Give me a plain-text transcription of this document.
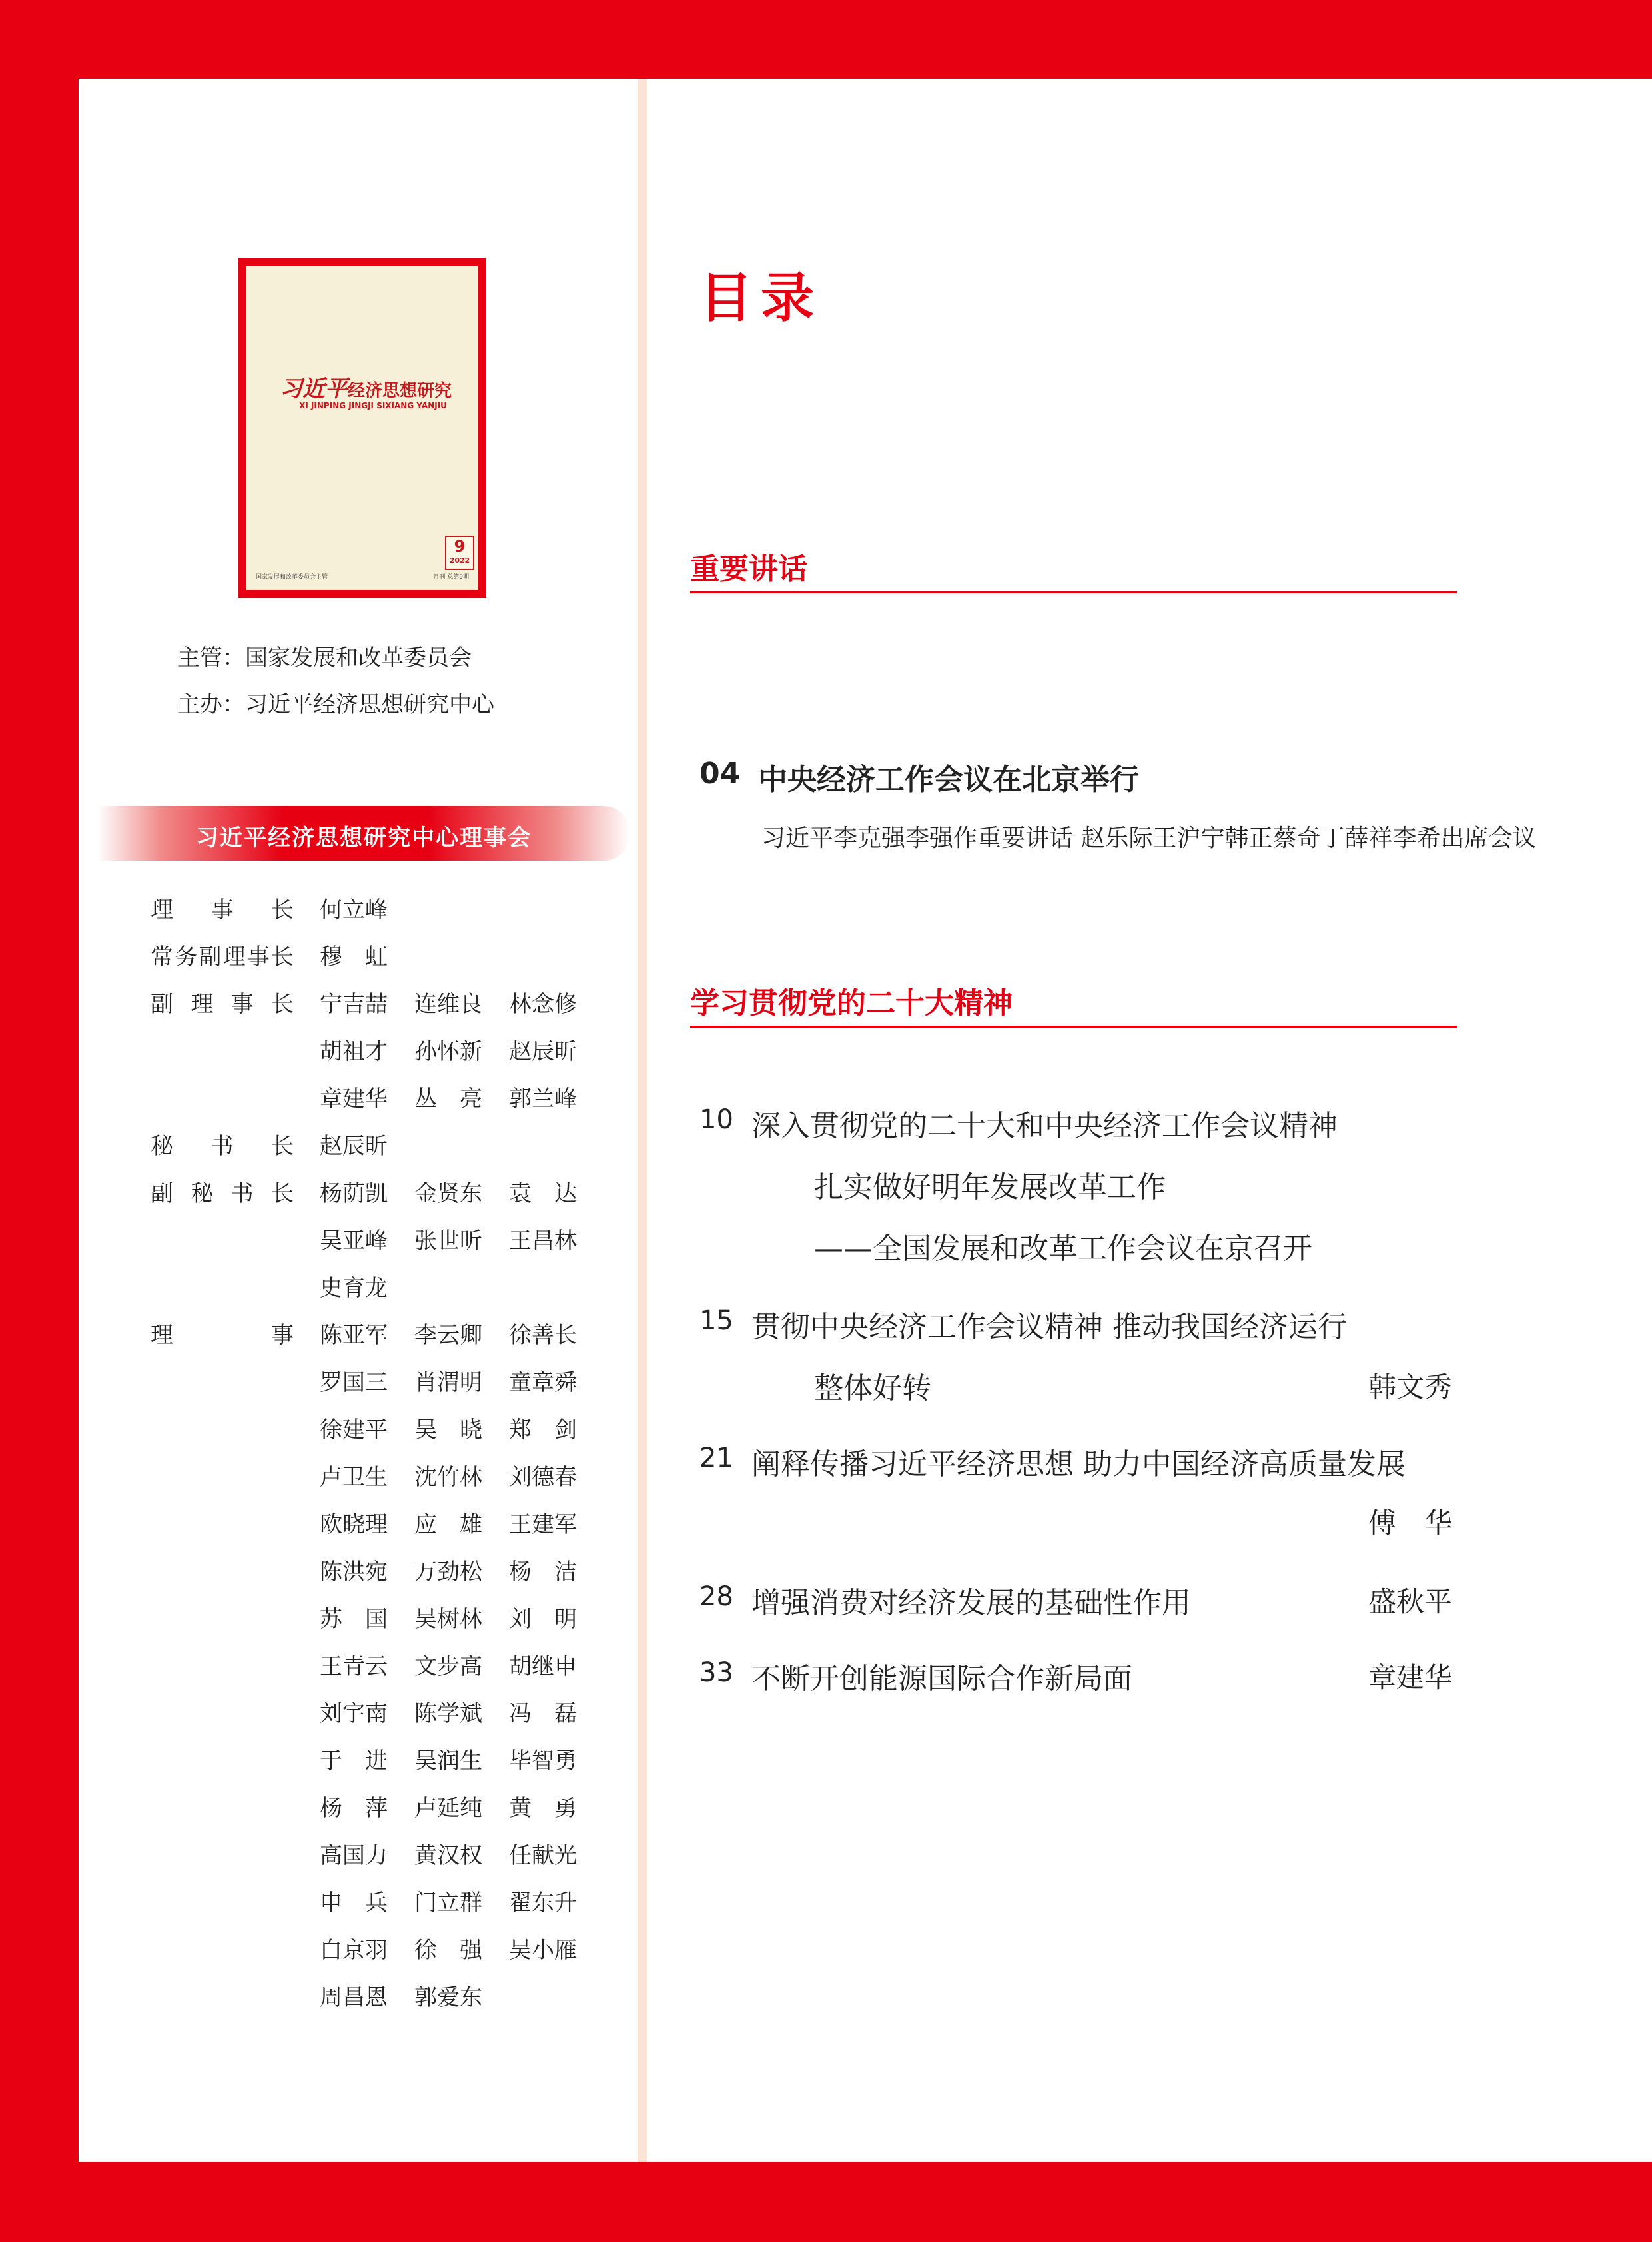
习近平经济思想研究
XI JINPING JINGJI SIXIANG YANJIU
9
2022
国家发展和改革委员会主管	月刊 总第9期
主管：国家发展和改革委员会
主办：习近平经济思想研究中心
习近平经济思想研究中心理事会
理事长 何立峰
常务副理事长 穆　虹
副理事长 宁吉喆 连维良 林念修
胡祖才 孙怀新 赵辰昕
章建华 丛　亮 郭兰峰
秘书长 赵辰昕
副秘书长 杨荫凯 金贤东 袁　达
吴亚峰 张世昕 王昌林
史育龙
理事 陈亚军 李云卿 徐善长
罗国三 肖渭明 童章舜
徐建平 吴　晓 郑　剑
卢卫生 沈竹林 刘德春
欧晓理 应　雄 王建军
陈洪宛 万劲松 杨　洁
苏　国 吴树林 刘　明
王青云 文步高 胡继申
刘宇南 陈学斌 冯　磊
于　进 吴润生 毕智勇
杨　萍 卢延纯 黄　勇
高国力 黄汉权 任献光
申　兵 门立群 翟东升
白京羽 徐　强 吴小雁
周昌恩 郭爱东
目录
重要讲话
04 中央经济工作会议在北京举行
习近平李克强李强作重要讲话 赵乐际王沪宁韩正蔡奇丁薛祥李希出席会议
学习贯彻党的二十大精神
10 深入贯彻党的二十大和中央经济工作会议精神
扎实做好明年发展改革工作
——全国发展和改革工作会议在京召开
15 贯彻中央经济工作会议精神 推动我国经济运行
整体好转	韩文秀
21 阐释传播习近平经济思想 助力中国经济高质量发展
傅　华
28 增强消费对经济发展的基础性作用	盛秋平
33 不断开创能源国际合作新局面	章建华
